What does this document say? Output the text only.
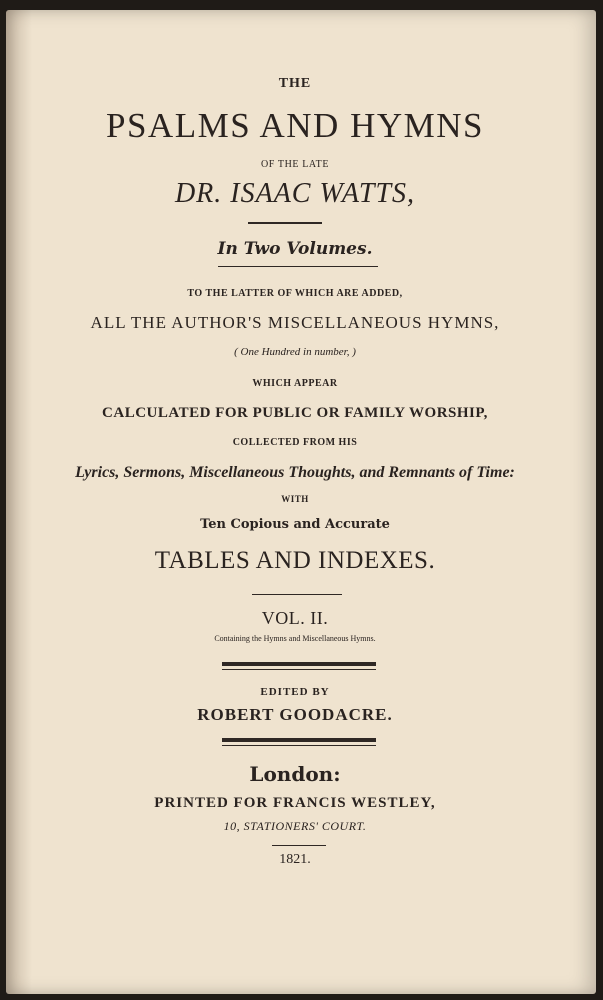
THE
PSALMS AND HYMNS
OF THE LATE
DR. ISAAC WATTS,
In Two Volumes.
TO THE LATTER OF WHICH ARE ADDED,
ALL THE AUTHOR'S MISCELLANEOUS HYMNS,
( One Hundred in number, )
WHICH APPEAR
CALCULATED FOR PUBLIC OR FAMILY WORSHIP,
COLLECTED FROM HIS
Lyrics, Sermons, Miscellaneous Thoughts, and Remnants of Time:
WITH
Ten Copious and Accurate
TABLES AND INDEXES.
VOL. II.
Containing the Hymns and Miscellaneous Hymns.
EDITED BY
ROBERT GOODACRE.
London:
PRINTED FOR FRANCIS WESTLEY,
10, STATIONERS' COURT.
1821.
